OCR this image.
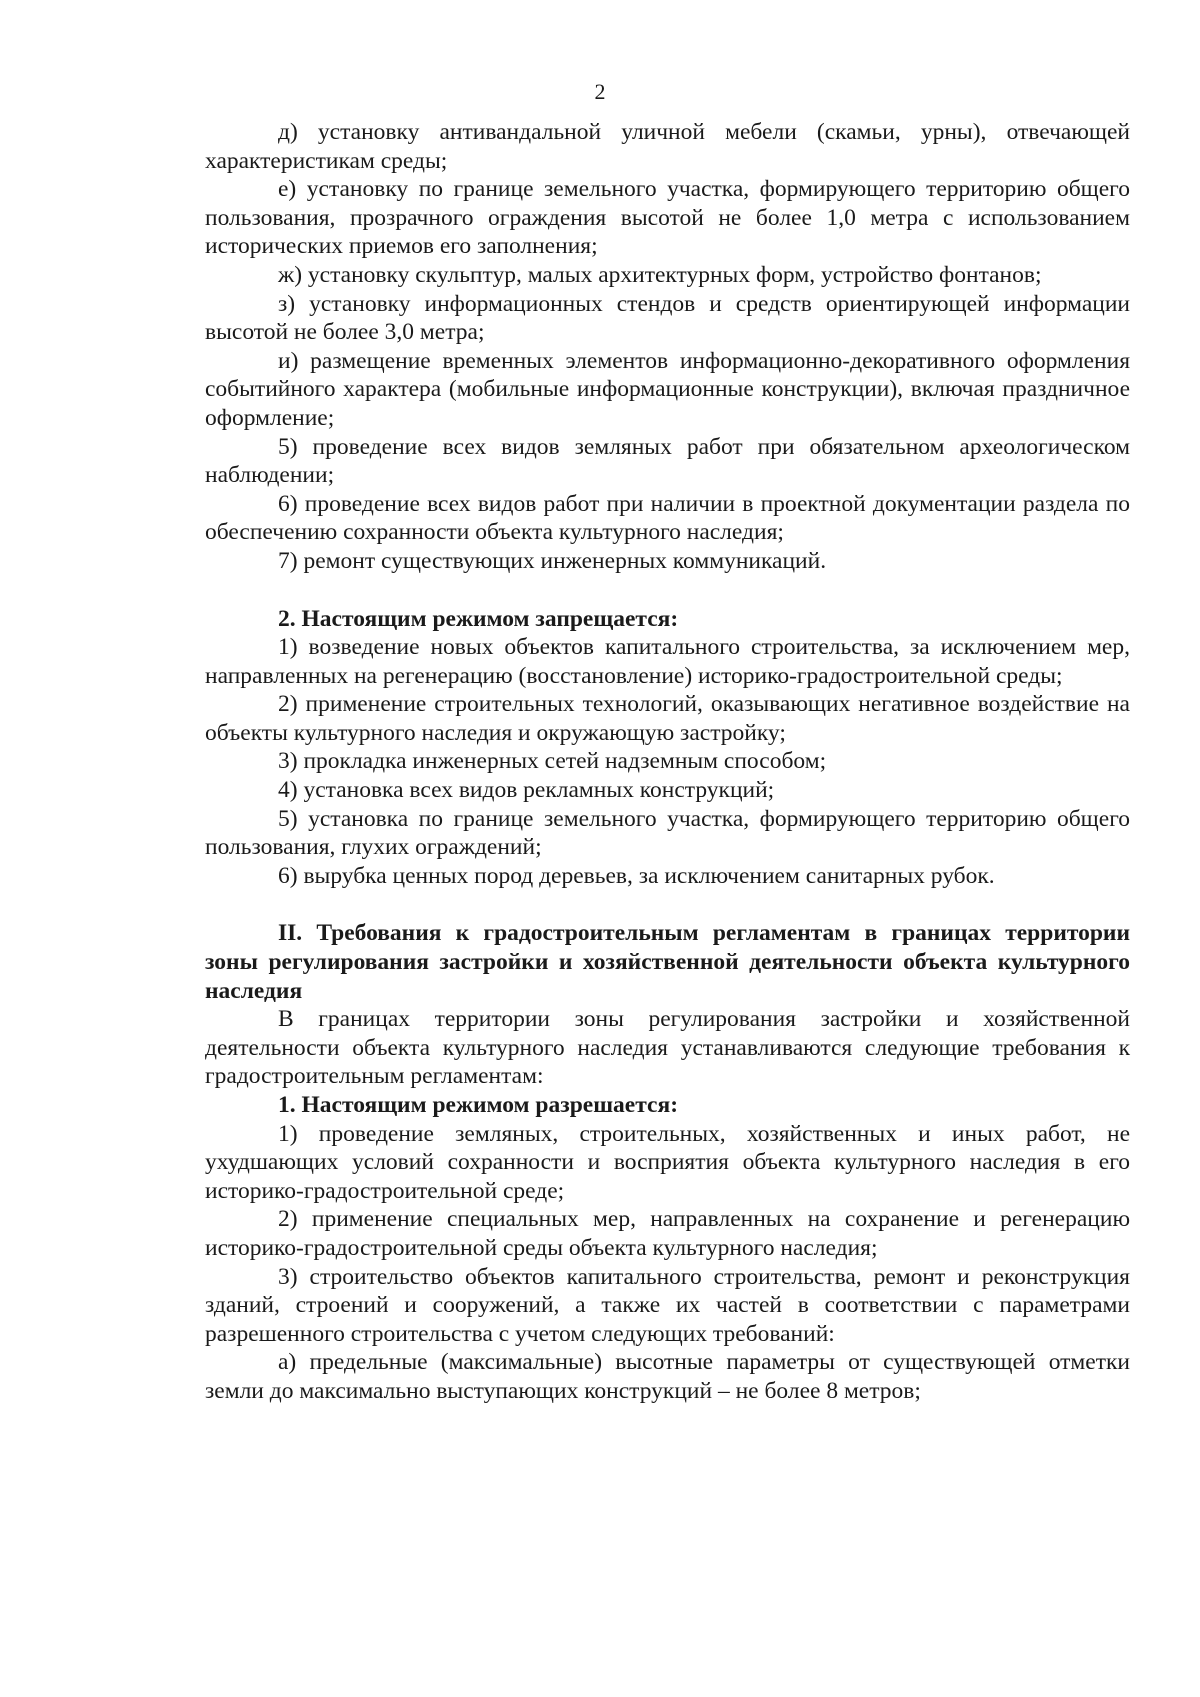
2

д) установку антивандальной уличной мебели (скамьи, урны), отвечающей характеристикам среды;

е) установку по границе земельного участка, формирующего территорию общего пользования, прозрачного ограждения высотой не более 1,0 метра с использованием исторических приемов его заполнения;

ж) установку скульптур, малых архитектурных форм, устройство фонтанов;

з) установку информационных стендов и средств ориентирующей информации высотой не более 3,0 метра;

и) размещение временных элементов информационно-декоративного оформления событийного характера (мобильные информационные конструкции), включая праздничное оформление;

5) проведение всех видов земляных работ при обязательном археологическом наблюдении;

6) проведение всех видов работ при наличии в проектной документации раздела по обеспечению сохранности объекта культурного наследия;

7) ремонт существующих инженерных коммуникаций.

2. Настоящим режимом запрещается:

1) возведение новых объектов капитального строительства, за исключением мер, направленных на регенерацию (восстановление) историко-градостроительной среды;

2) применение строительных технологий, оказывающих негативное воздействие на объекты культурного наследия и окружающую застройку;

3) прокладка инженерных сетей надземным способом;

4) установка всех видов рекламных конструкций;

5) установка по границе земельного участка, формирующего территорию общего пользования, глухих ограждений;

6) вырубка ценных пород деревьев, за исключением санитарных рубок.

II. Требования к градостроительным регламентам в границах территории зоны регулирования застройки и хозяйственной деятельности объекта культурного наследия

В границах территории зоны регулирования застройки и хозяйственной деятельности объекта культурного наследия устанавливаются следующие требования к градостроительным регламентам:

1. Настоящим режимом разрешается:

1) проведение земляных, строительных, хозяйственных и иных работ, не ухудшающих условий сохранности и восприятия объекта культурного наследия в его историко-градостроительной среде;

2) применение специальных мер, направленных на сохранение и регенерацию историко-градостроительной среды объекта культурного наследия;

3) строительство объектов капитального строительства, ремонт и реконструкция зданий, строений и сооружений, а также их частей в соответствии с параметрами разрешенного строительства с учетом следующих требований:

а) предельные (максимальные) высотные параметры от существующей отметки земли до максимально выступающих конструкций – не более 8 метров;
